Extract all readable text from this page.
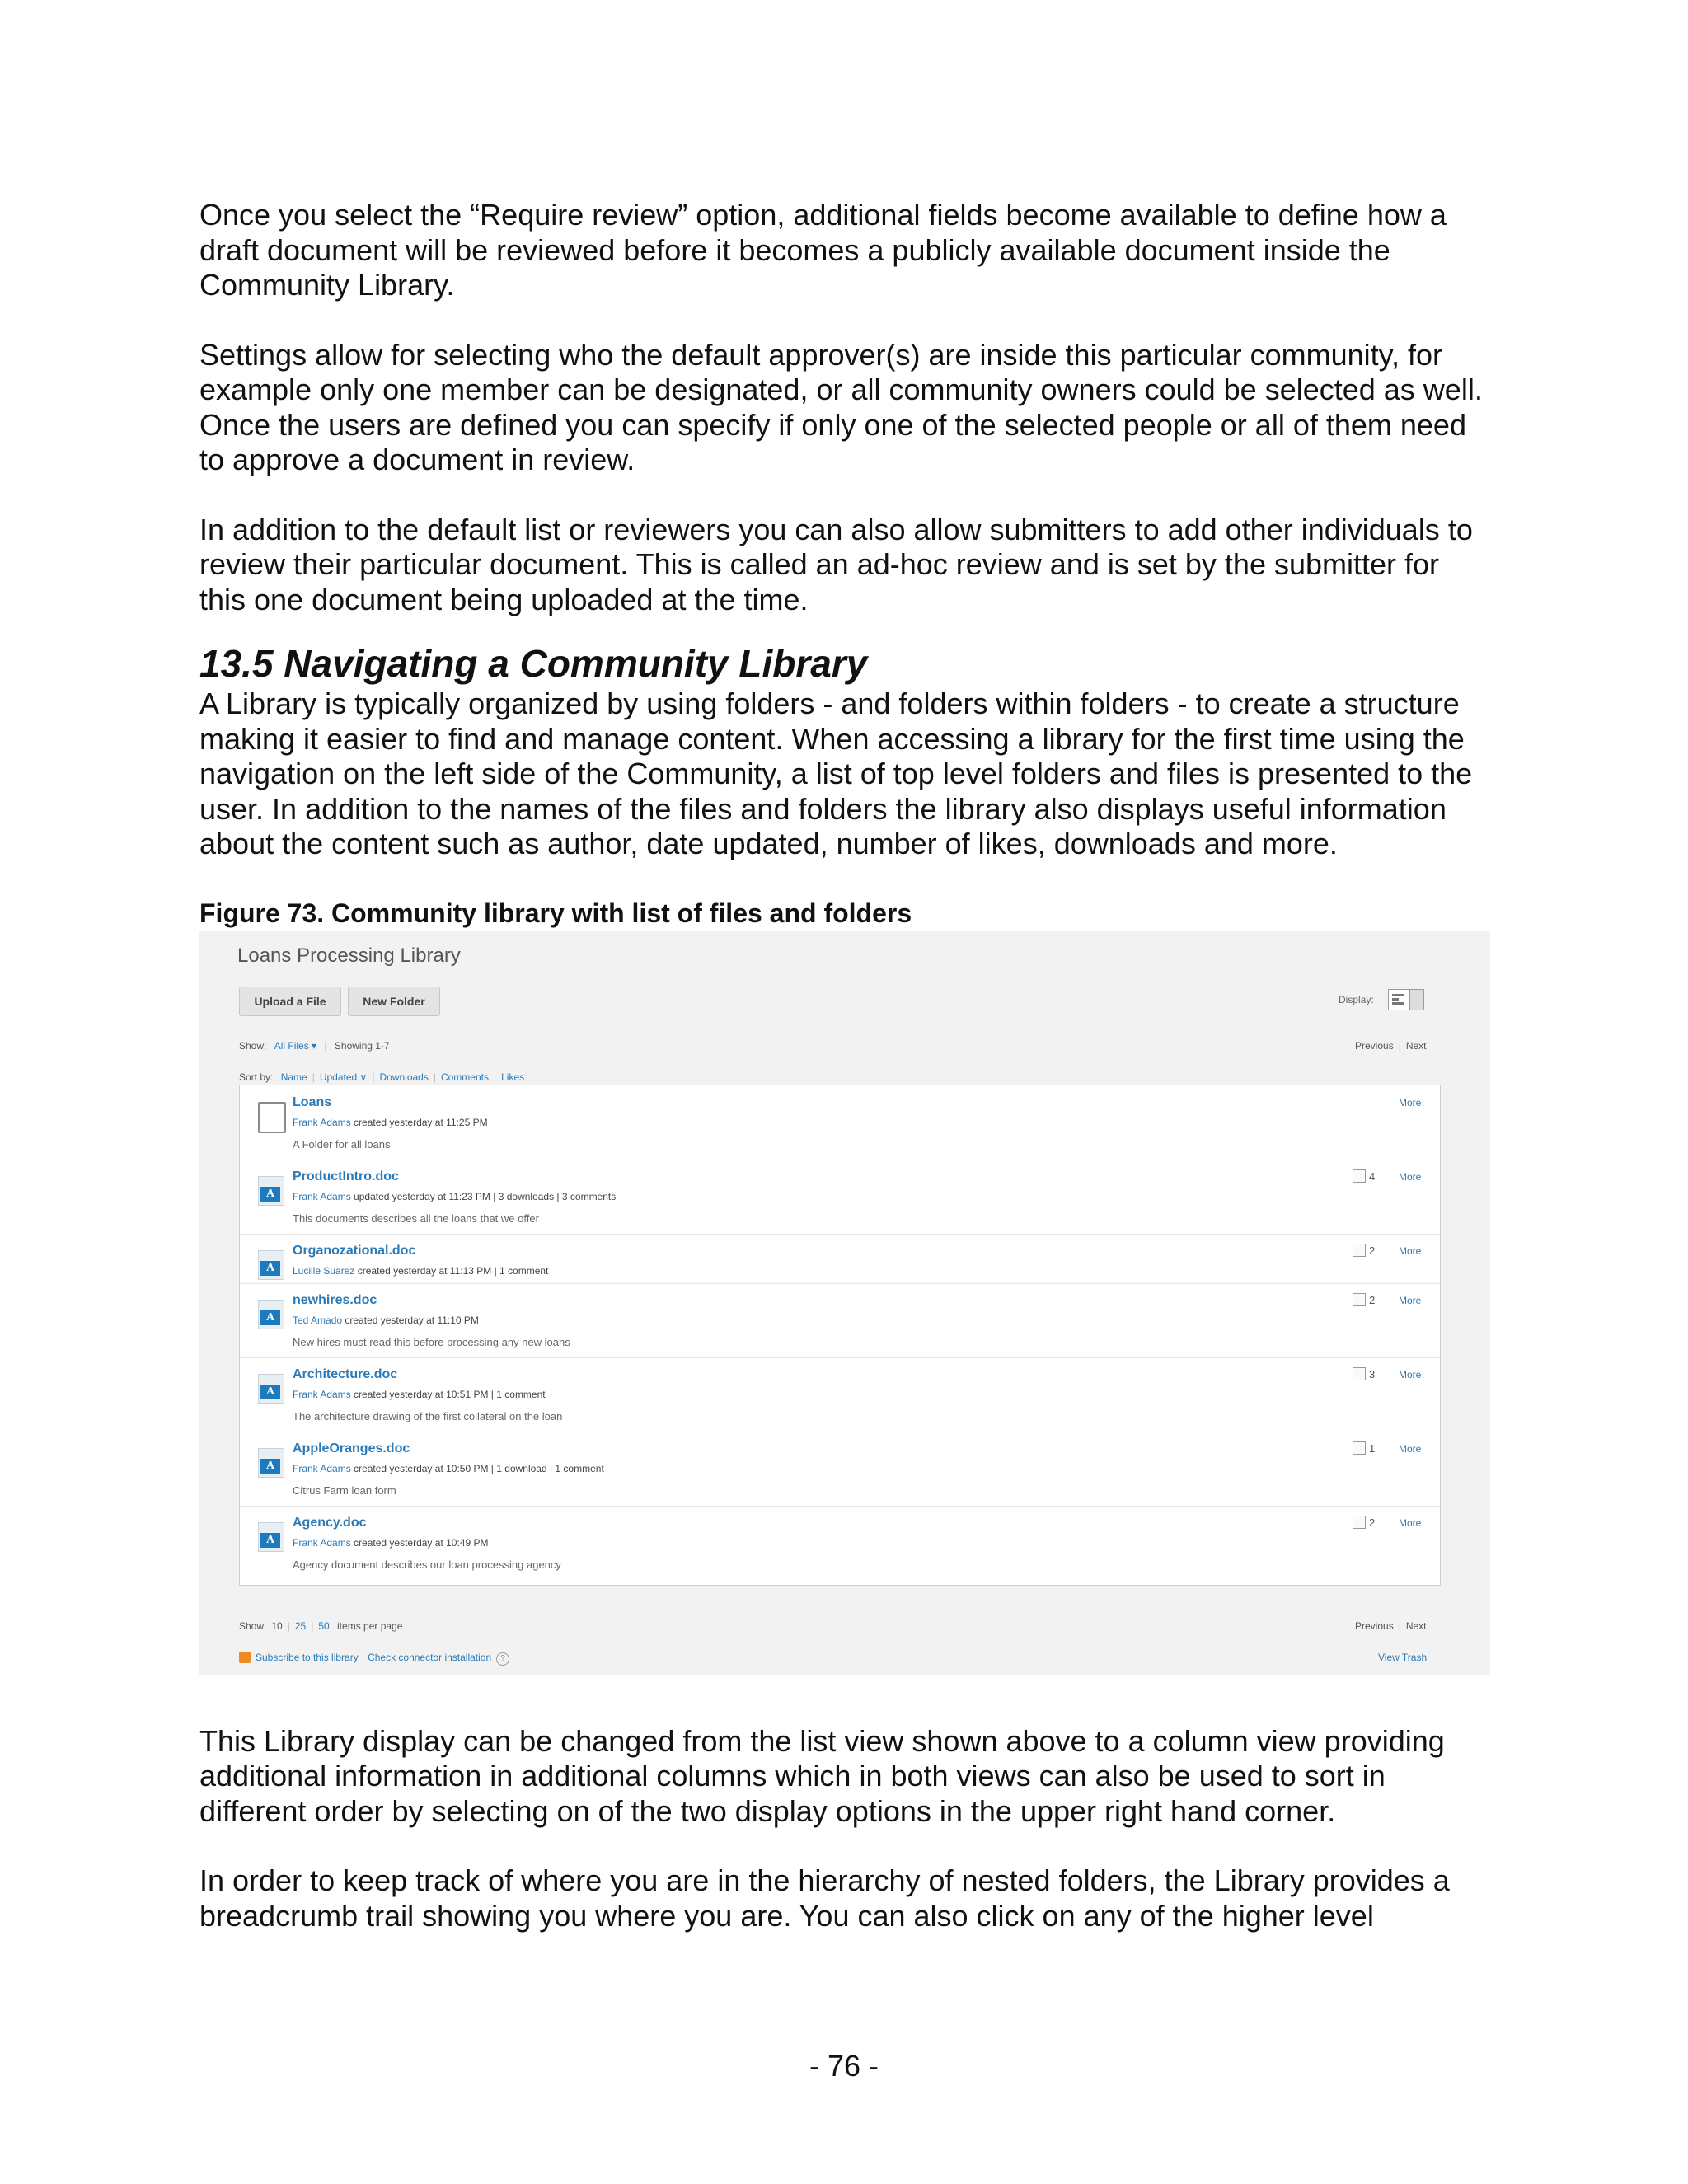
Once you select the “Require review” option, additional fields become available to define how a draft document will be reviewed before it becomes a publicly available document inside the Community Library.

Settings allow for selecting who the default approver(s) are inside this particular community, for example only one member can be designated, or all community owners could be selected as well. Once the users are defined you can specify if only one of the selected people or all of them need to approve a document in review.

In addition to the default list or reviewers you can also allow submitters to add other individuals to review their particular document. This is called an ad-hoc review and is set by the submitter for this one document being uploaded at the time.

13.5 Navigating a Community Library

A Library is typically organized by using folders - and folders within folders - to create a structure making it easier to find and manage content. When accessing a library for the first time using the navigation on the left side of the Community, a list of top level folders and files is presented to the user. In addition to the names of the files and folders the library also displays useful information about the content such as author, date updated, number of likes, downloads and more.

Figure 73. Community library with list of files and folders

Loans Processing Library
Upload a File	New Folder	Display:
Show: All Files ▾ | Showing 1-7	Previous | Next
Sort by: Name | Updated ∨ | Downloads | Comments | Likes
Loans
Frank Adams created yesterday at 11:25 PM
A Folder for all loans
More
A
ProductIntro.doc
Frank Adams updated yesterday at 11:23 PM | 3 downloads | 3 comments
This documents describes all the loans that we offer
4 More
A
Organozational.doc
Lucille Suarez created yesterday at 11:13 PM | 1 comment
2 More
A
newhires.doc
Ted Amado created yesterday at 11:10 PM
New hires must read this before processing any new loans
2 More
A
Architecture.doc
Frank Adams created yesterday at 10:51 PM | 1 comment
The architecture drawing of the first collateral on the loan
3 More
A
AppleOranges.doc
Frank Adams created yesterday at 10:50 PM | 1 download | 1 comment
Citrus Farm loan form
1 More
A
Agency.doc
Frank Adams created yesterday at 10:49 PM
Agency document describes our loan processing agency
2 More
Show 10 | 25 | 50 items per page	Previous | Next
Subscribe to this library Check connector installation ?	View Trash

This Library display can be changed from the list view shown above to a column view providing additional information in additional columns which in both views can also be used to sort in different order by selecting on of the two display options in the upper right hand corner.

In order to keep track of where you are in the hierarchy of nested folders, the Library provides a breadcrumb trail showing you where you are. You can also click on any of the higher level

- 76 -
